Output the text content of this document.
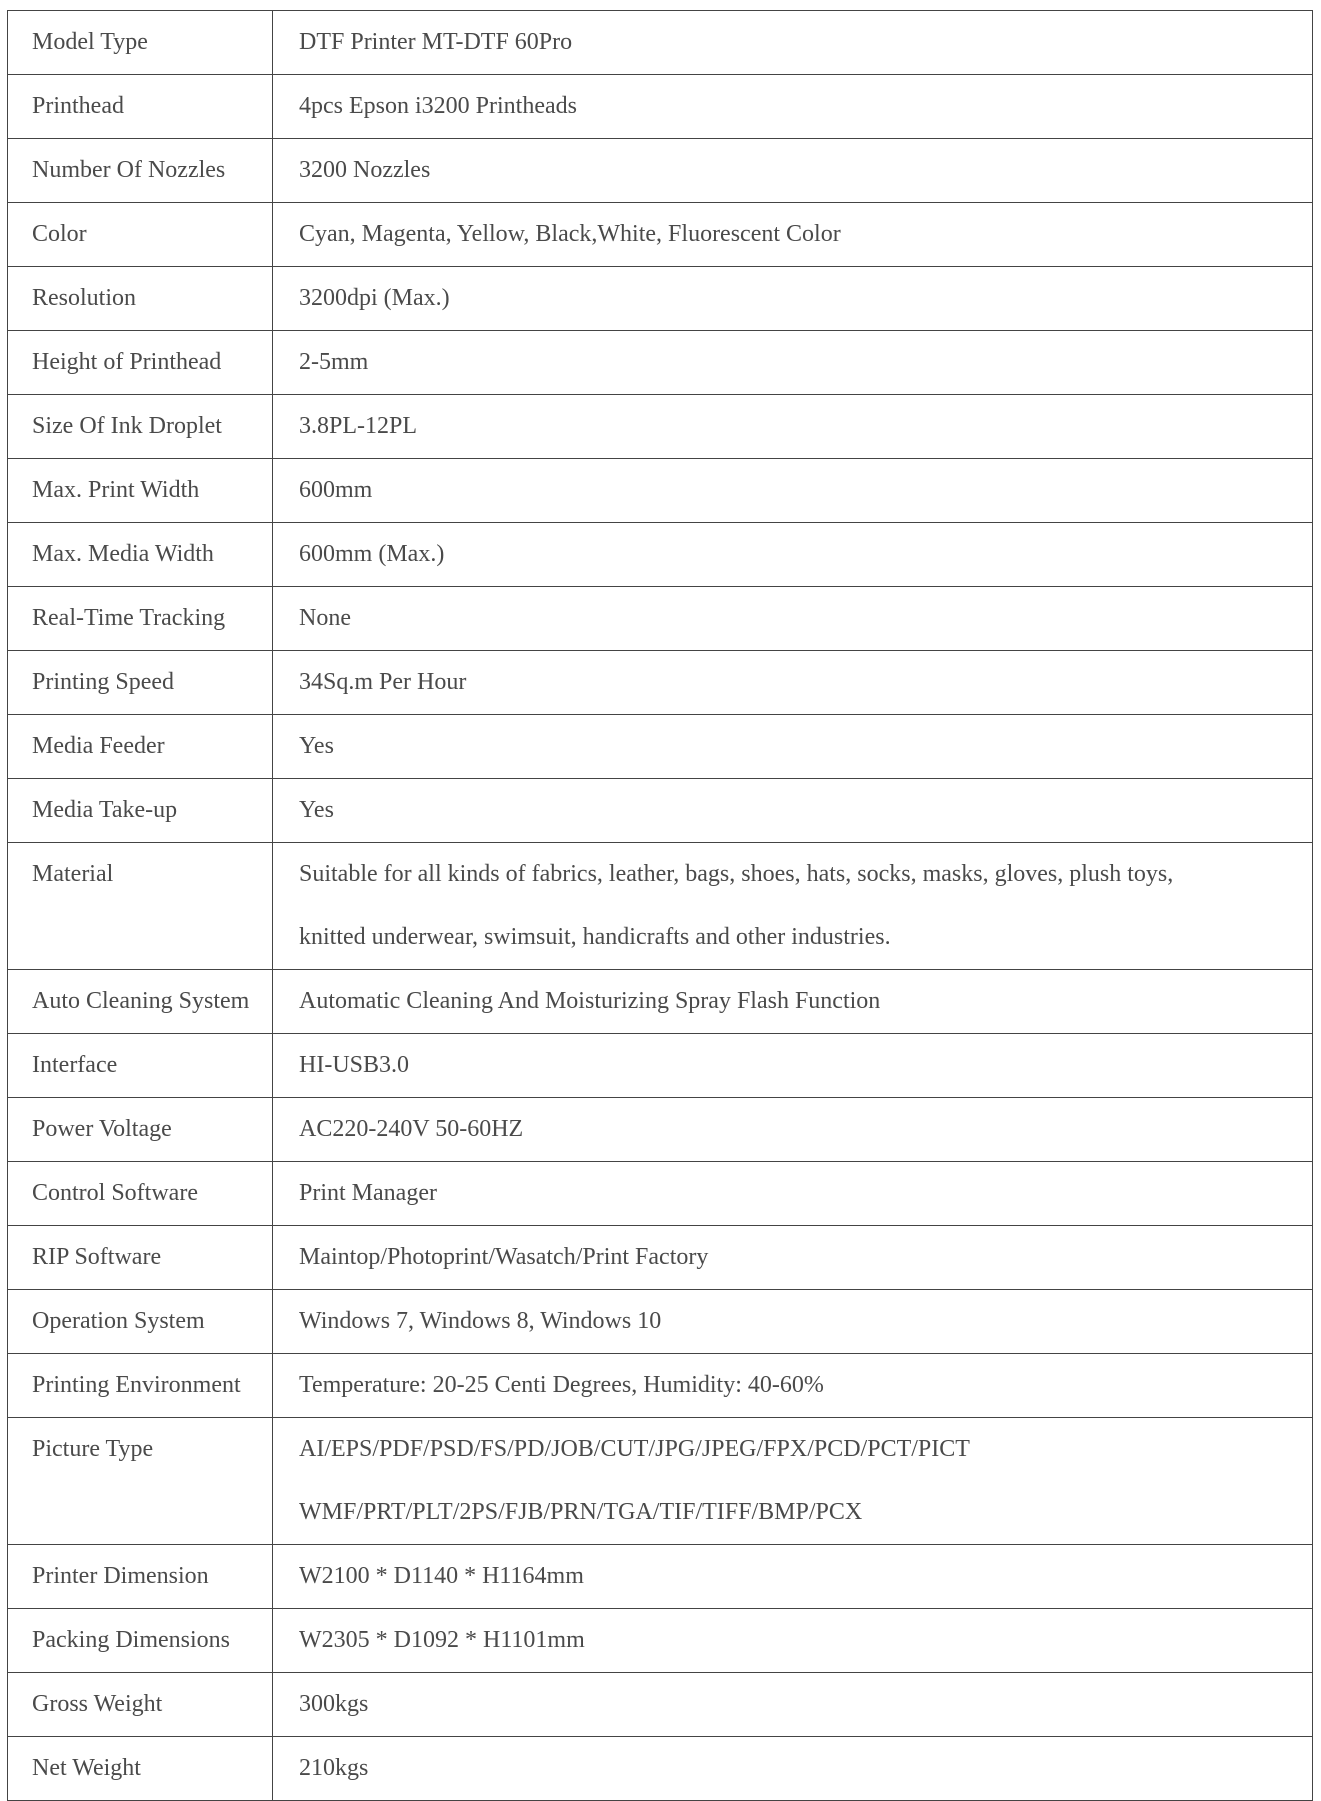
Model Type	DTF Printer MT-DTF 60Pro

Printhead	4pcs Epson i3200 Printheads

Number Of Nozzles	3200 Nozzles

Color	Cyan, Magenta, Yellow, Black,White, Fluorescent Color

Resolution	3200dpi (Max.)

Height of Printhead	2-5mm

Size Of Ink Droplet	3.8PL-12PL

Max. Print Width	600mm

Max. Media Width	600mm (Max.)

Real-Time Tracking	None

Printing Speed	34Sq.m Per Hour

Media Feeder	Yes

Media Take-up	Yes

Material	Suitable for all kinds of fabrics, leather, bags, shoes, hats, socks, masks, gloves, plush toys,
knitted underwear, swimsuit, handicrafts and other industries.

Auto Cleaning System	Automatic Cleaning And Moisturizing Spray Flash Function

Interface	HI-USB3.0

Power Voltage	AC220-240V 50-60HZ

Control Software	Print Manager

RIP Software	Maintop/Photoprint/Wasatch/Print Factory

Operation System	Windows 7, Windows 8, Windows 10

Printing Environment	Temperature: 20-25 Centi Degrees, Humidity: 40-60%

Picture Type	AI/EPS/PDF/PSD/FS/PD/JOB/CUT/JPG/JPEG/FPX/PCD/PCT/PICT
WMF/PRT/PLT/2PS/FJB/PRN/TGA/TIF/TIFF/BMP/PCX

Printer Dimension	W2100 * D1140 * H1164mm

Packing Dimensions	W2305 * D1092 * H1101mm

Gross Weight	300kgs

Net Weight	210kgs
